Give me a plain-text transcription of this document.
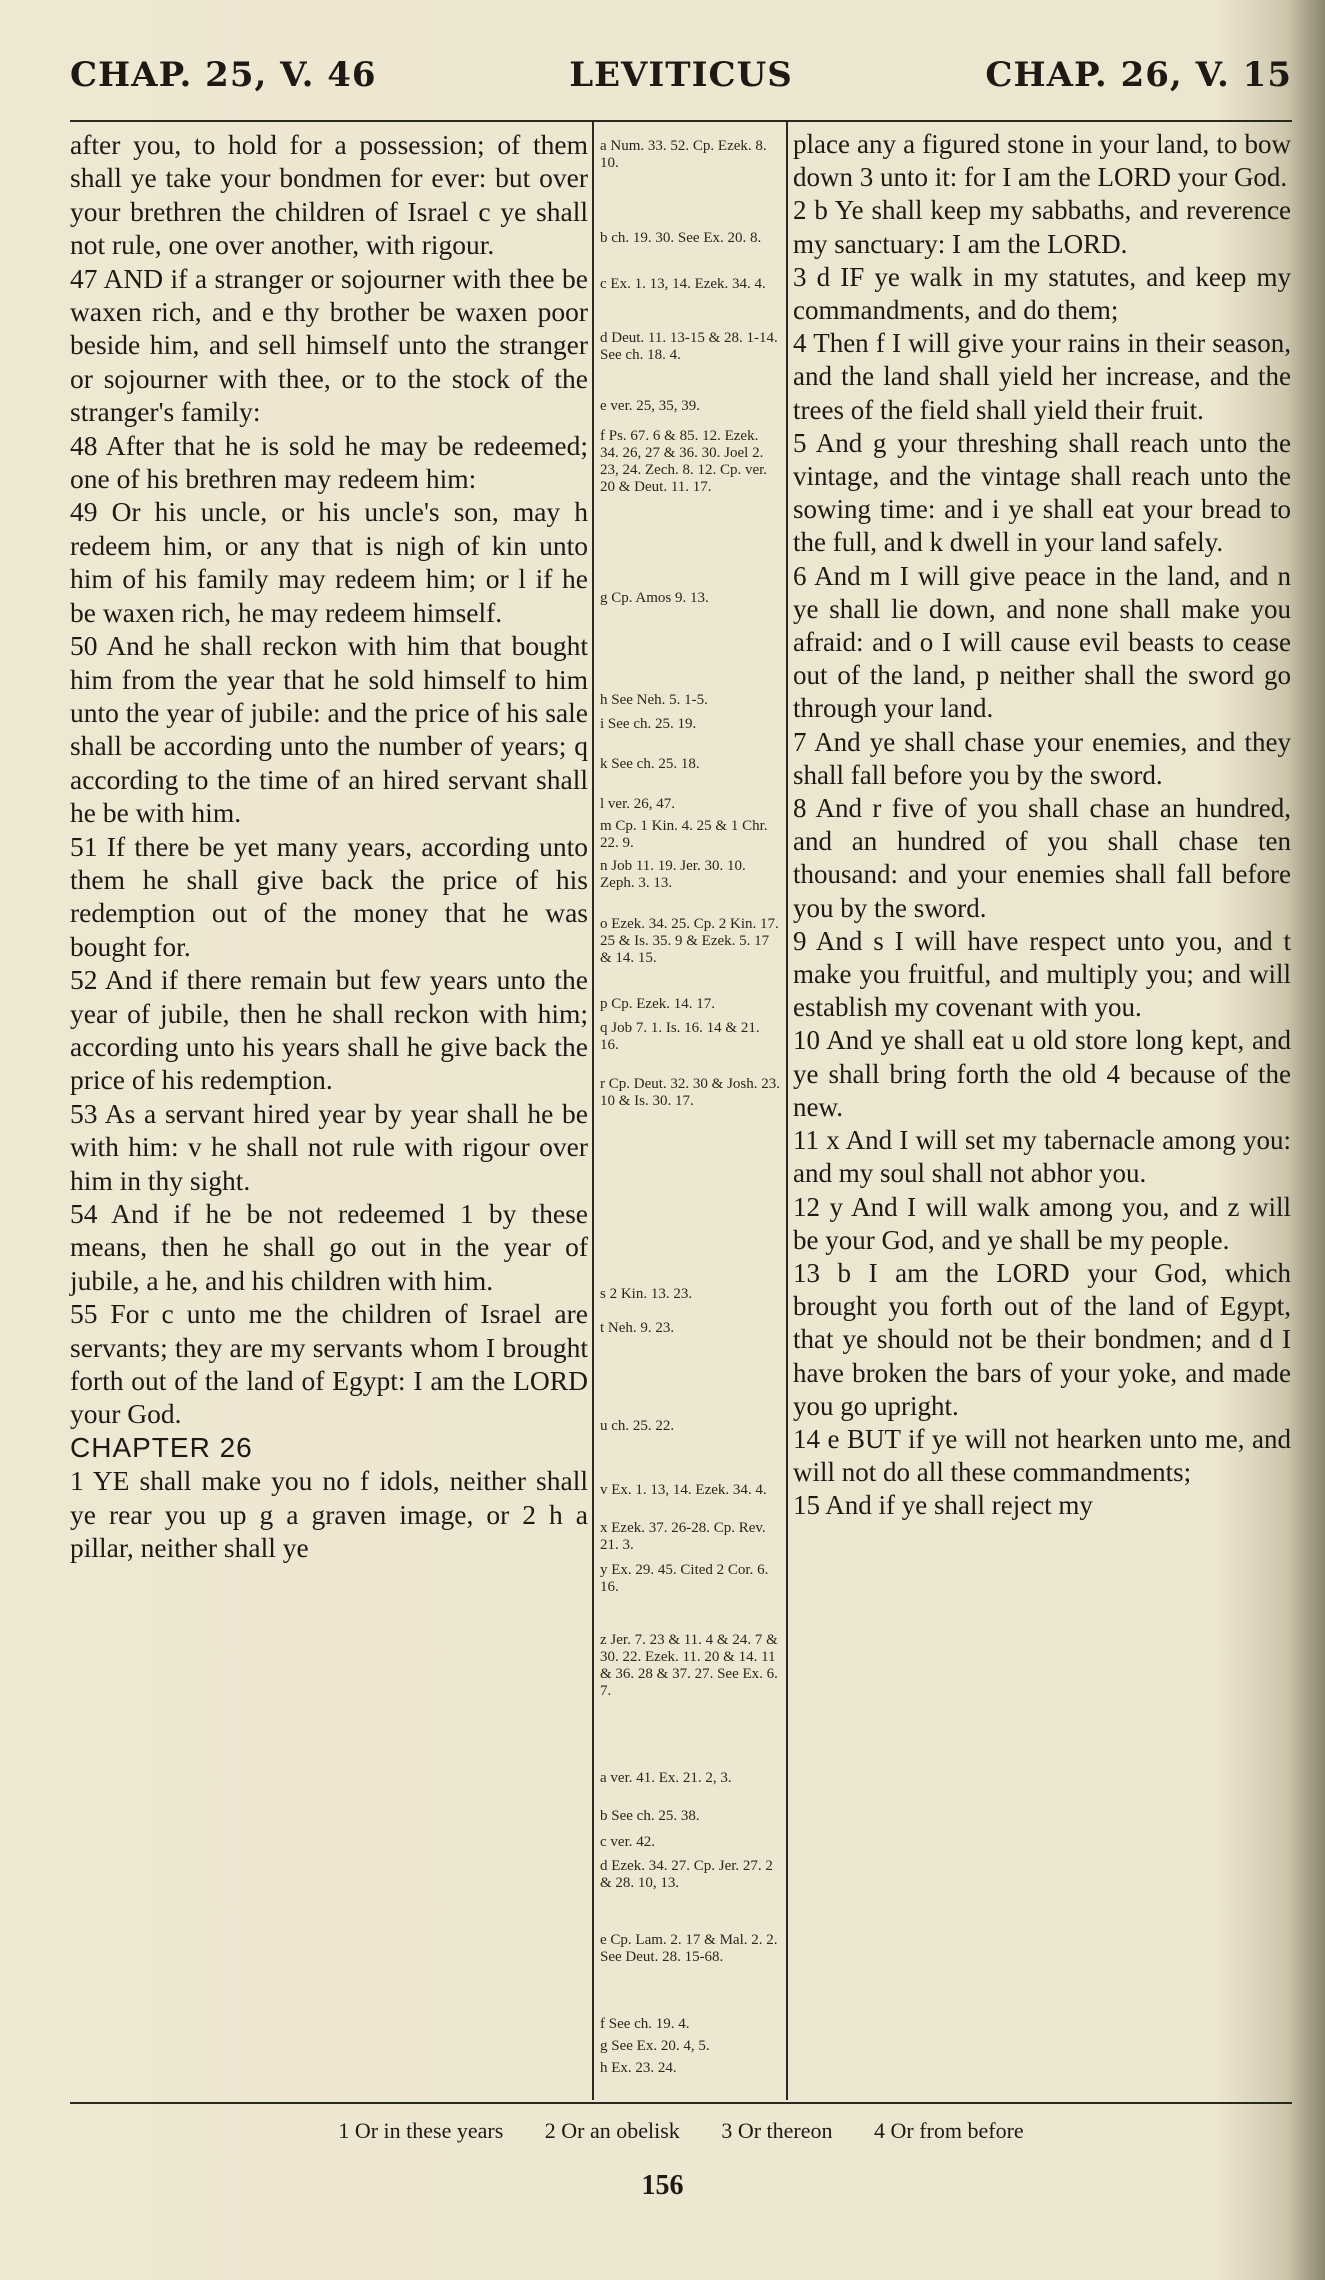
CHAP. 25, V. 46	LEVITICUS	CHAP. 26, V. 15

after you, to hold for a possession; of them shall ye take your bondmen for ever: but over your brethren the children of Israel c ye shall not rule, one over another, with rigour.

47 AND if a stranger or sojourner with thee be waxen rich, and e thy brother be waxen poor beside him, and sell himself unto the stranger or sojourner with thee, or to the stock of the stranger's family:

48 After that he is sold he may be redeemed; one of his brethren may redeem him:

49 Or his uncle, or his uncle's son, may h redeem him, or any that is nigh of kin unto him of his family may redeem him; or l if he be waxen rich, he may redeem himself.

50 And he shall reckon with him that bought him from the year that he sold himself to him unto the year of jubile: and the price of his sale shall be according unto the number of years; q according to the time of an hired servant shall he be with him.

51 If there be yet many years, according unto them he shall give back the price of his redemption out of the money that he was bought for.

52 And if there remain but few years unto the year of jubile, then he shall reckon with him; according unto his years shall he give back the price of his redemption.

53 As a servant hired year by year shall he be with him: v he shall not rule with rigour over him in thy sight.

54 And if he be not redeemed 1 by these means, then he shall go out in the year of jubile, a he, and his children with him.

55 For c unto me the children of Israel are servants; they are my servants whom I brought forth out of the land of Egypt: I am the LORD your God.

CHAPTER 26

1 YE shall make you no f idols, neither shall ye rear you up g a graven image, or 2 h a pillar, neither shall ye

a Num. 33. 52. Cp. Ezek. 8. 10.
b ch. 19. 30. See Ex. 20. 8.
c Ex. 1. 13, 14. Ezek. 34. 4.
d Deut. 11. 13-15 & 28. 1-14. See ch. 18. 4.
e ver. 25, 35, 39.
f Ps. 67. 6 & 85. 12. Ezek. 34. 26, 27 & 36. 30. Joel 2. 23, 24. Zech. 8. 12. Cp. ver. 20 & Deut. 11. 17.
g Cp. Amos 9. 13.
h See Neh. 5. 1-5.
i See ch. 25. 19.
k See ch. 25. 18.
l ver. 26, 47.
m Cp. 1 Kin. 4. 25 & 1 Chr. 22. 9.
n Job 11. 19. Jer. 30. 10. Zeph. 3. 13.
o Ezek. 34. 25. Cp. 2 Kin. 17. 25 & Is. 35. 9 & Ezek. 5. 17 & 14. 15.
p Cp. Ezek. 14. 17.
q Job 7. 1. Is. 16. 14 & 21. 16.
r Cp. Deut. 32. 30 & Josh. 23. 10 & Is. 30. 17.
s 2 Kin. 13. 23.
t Neh. 9. 23.
u ch. 25. 22.
v Ex. 1. 13, 14. Ezek. 34. 4.
x Ezek. 37. 26-28. Cp. Rev. 21. 3.
y Ex. 29. 45. Cited 2 Cor. 6. 16.
z Jer. 7. 23 & 11. 4 & 24. 7 & 30. 22. Ezek. 11. 20 & 14. 11 & 36. 28 & 37. 27. See Ex. 6. 7.
a ver. 41. Ex. 21. 2, 3.
b See ch. 25. 38.
c ver. 42.
d Ezek. 34. 27. Cp. Jer. 27. 2 & 28. 10, 13.
e Cp. Lam. 2. 17 & Mal. 2. 2. See Deut. 28. 15-68.
f See ch. 19. 4.
g See Ex. 20. 4, 5.
h Ex. 23. 24.

place any a figured stone in your land, to bow down 3 unto it: for I am the LORD your God.

2 b Ye shall keep my sabbaths, and reverence my sanctuary: I am the LORD.

3 d IF ye walk in my statutes, and keep my commandments, and do them;

4 Then f I will give your rains in their season, and the land shall yield her increase, and the trees of the field shall yield their fruit.

5 And g your threshing shall reach unto the vintage, and the vintage shall reach unto the sowing time: and i ye shall eat your bread to the full, and k dwell in your land safely.

6 And m I will give peace in the land, and n ye shall lie down, and none shall make you afraid: and o I will cause evil beasts to cease out of the land, p neither shall the sword go through your land.

7 And ye shall chase your enemies, and they shall fall before you by the sword.

8 And r five of you shall chase an hundred, and an hundred of you shall chase ten thousand: and your enemies shall fall before you by the sword.

9 And s I will have respect unto you, and t make you fruitful, and multiply you; and will establish my covenant with you.

10 And ye shall eat u old store long kept, and ye shall bring forth the old 4 because of the new.

11 x And I will set my tabernacle among you: and my soul shall not abhor you.

12 y And I will walk among you, and z will be your God, and ye shall be my people.

13 b I am the LORD your God, which brought you forth out of the land of Egypt, that ye should not be their bondmen; and d I have broken the bars of your yoke, and made you go upright.

14 e BUT if ye will not hearken unto me, and will not do all these commandments;

15 And if ye shall reject my

1 Or in these years 2 Or an obelisk 3 Or thereon 4 Or from before
156
